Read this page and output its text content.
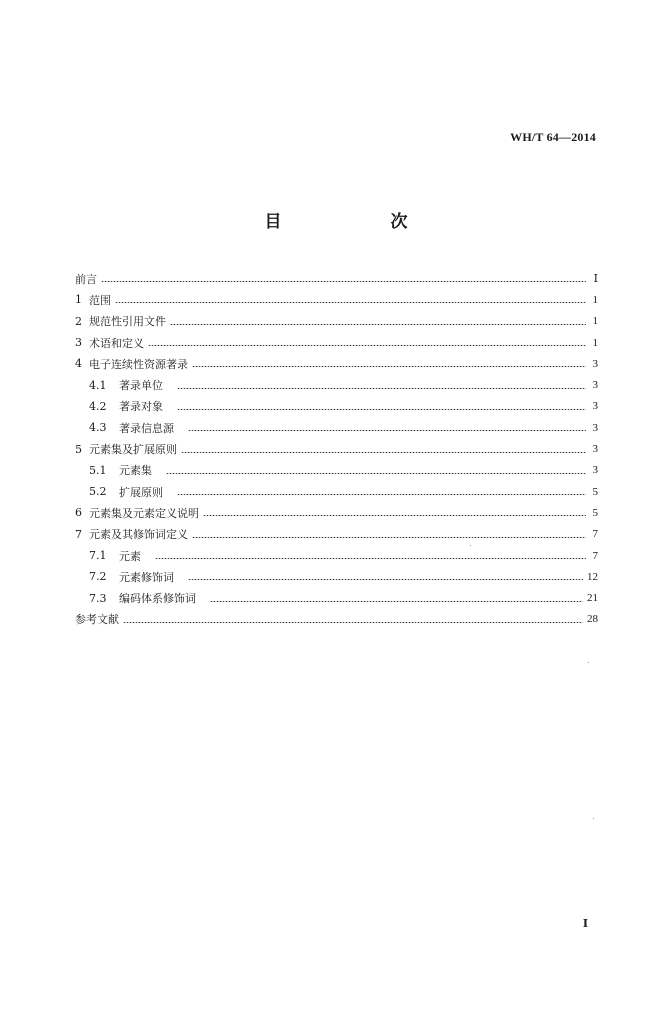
WH/T 64—2014
目　次
前言	Ⅰ
1 范围	1
2 规范性引用文件	1
3 术语和定义	1
4 电子连续性资源著录	3
4.1	著录单位	3
4.2	著录对象	3
4.3	著录信息源	3
5 元素集及扩展原则	3
5.1	元素集	3
5.2	扩展原则	5
6 元素集及元素定义说明	5
7 元素及其修饰词定义	7
7.1	元素	7
7.2	元素修饰词	12
7.3	编码体系修饰词	21
参考文献	28
Ⅰ
